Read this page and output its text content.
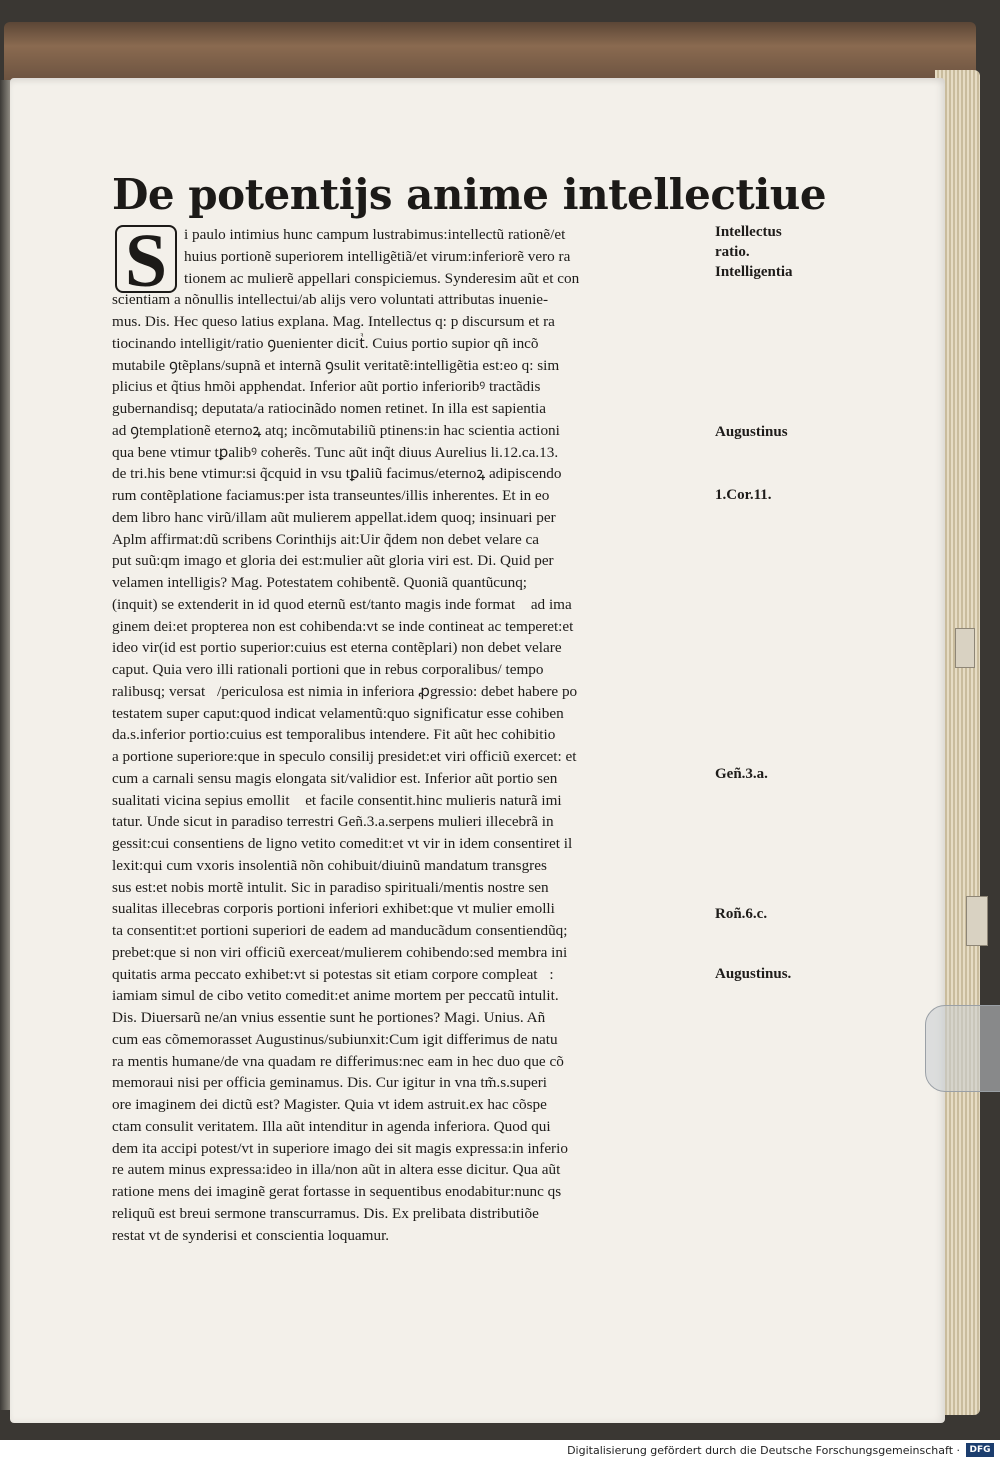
De potentijs anime intellectiue
S	i paulo intimius hunc campum lustrabimus:intellectũ rationẽ/et
huius portionẽ superiorem intelligẽtiã/et virum:inferiorẽ vero ra
tionem ac mulierẽ appellari conspiciemus. Synderesim aũt et con
scientiam a nõnullis intellectui/ab alijs vero voluntati attributas inuenie-
mus. Dis. Hec queso latius explana. Mag. Intellectus q: p discursum et ra
tiocinando intelligit/ratio ꝯuenienter dicitᷣ. Cuius portio supior qñ incõ
mutabile ꝯtẽplans/supnã et internã ꝯsulit veritatẽ:intelligẽtia est:eo q: sim
plicius et q̃tius hmõi apphendat. Inferior aũt portio inferioribꝰ tractãdis
gubernandisq; deputata/a ratiocinãdo nomen retinet. In illa est sapientia
ad ꝯtemplationẽ eternoꝝ atq; incõmutabiliũ ptinens:in hac scientia actioni
qua bene vtimur tꝑalibꝰ coherẽs. Tunc aũt inq̃t diuus Aurelius li.12.ca.13.
de tri.his bene vtimur:si q̃cquid in vsu tꝑaliũ facimus/eternoꝝ adipiscendo
rum contẽplatione faciamus:per ista transeuntes/illis inherentes. Et in eo
dem libro hanc virũ/illam aũt mulierem appellat.idem quoq; insinuari per
Aplm affirmat:dũ scribens Corinthijs ait:Uir q̃dem non debet velare ca
put suũ:qm imago et gloria dei est:mulier aũt gloria viri est. Di. Quid per
velamen intelligis? Mag. Potestatem cohibentẽ. Quoniã quantũcunq;
(inquit) se extenderit in id quod eternũ est/tanto magis inde formatᷣ ad ima
ginem dei:et propterea non est cohibenda:vt se inde contineat ac temperet:et
ideo vir(id est portio superior:cuius est eterna contẽplari) non debet velare
caput. Quia vero illi rationali portioni que in rebus corporalibus/ tempo
ralibusq; versatᷣ/periculosa est nimia in inferiora ꝓgressio: debet habere po
testatem super caput:quod indicat velamentũ:quo significatur esse cohiben
da.s.inferior portio:cuius est temporalibus intendere. Fit aũt hec cohibitio
a portione superiore:que in speculo consilij presidet:et viri officiũ exercet: et
cum a carnali sensu magis elongata sit/validior est. Inferior aũt portio sen
sualitati vicina sepius emollitᷣ et facile consentit.hinc mulieris naturã imi
tatur. Unde sicut in paradiso terrestri Geñ.3.a.serpens mulieri illecebrã in
gessit:cui consentiens de ligno vetito comedit:et vt vir in idem consentiret il
lexit:qui cum vxoris insolentiã nõn cohibuit/diuinũ mandatum transgres
sus est:et nobis mortẽ intulit. Sic in paradiso spirituali/mentis nostre sen
sualitas illecebras corporis portioni inferiori exhibet:que vt mulier emolli
ta consentit:et portioni superiori de eadem ad manducãdum consentiendũq;
prebet:que si non viri officiũ exerceat/mulierem cohibendo:sed membra ini
quitatis arma peccato exhibet:vt si potestas sit etiam corpore compleatᷣ:
iamiam simul de cibo vetito comedit:et anime mortem per peccatũ intulit.
Dis. Diuersarũ ne/an vnius essentie sunt he portiones? Magi. Unius. Añ
cum eas cõmemorasset Augustinus/subiunxit:Cum igit differimus de natu
ra mentis humane/de vna quadam re differimus:nec eam in hec duo que cõ
memoraui nisi per officia geminamus. Dis. Cur igitur in vna tm̃.s.superi
ore imaginem dei dictũ est? Magister. Quia vt idem astruit.ex hac cõspe
ctam consulit veritatem. Illa aũt intenditur in agenda inferiora. Quod qui
dem ita accipi potest/vt in superiore imago dei sit magis expressa:in inferio
re autem minus expressa:ideo in illa/non aũt in altera esse dicitur. Qua aũt
ratione mens dei imaginẽ gerat fortasse in sequentibus enodabitur:nunc qs
reliquũ est breui sermone transcurramus. Dis. Ex prelibata distributiõe
restat vt de synderisi et conscientia loquamur.
Intellectus
ratio.
Intelligentia
Augustinus
1.Cor.11.
Geñ.3.a.
Roñ.6.c.
Augustinus.
Digitalisierung gefördert durch die Deutsche Forschungsgemeinschaft ·	DFG
